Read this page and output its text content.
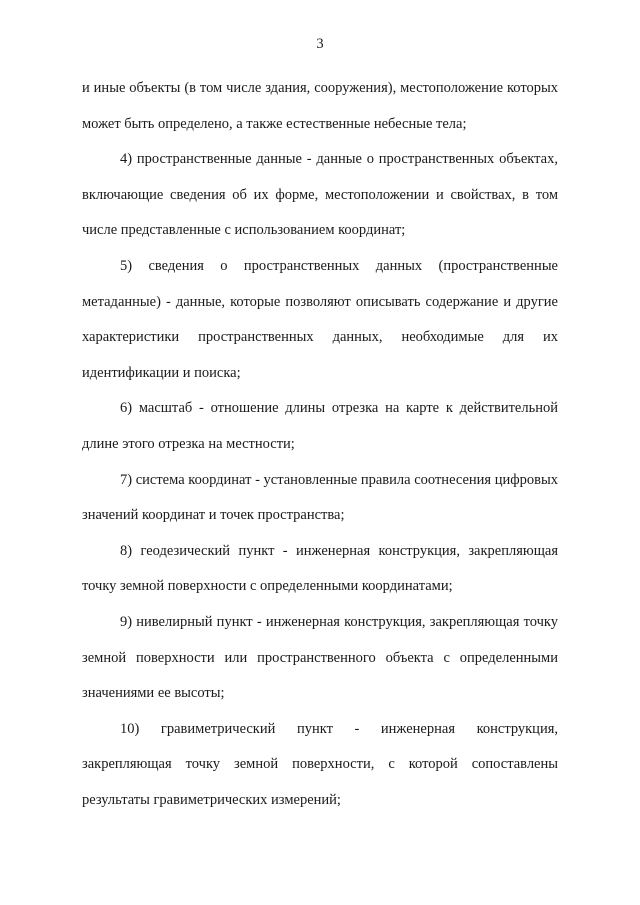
3

и иные объекты (в том числе здания, сооружения), местоположение которых может быть определено, а также естественные небесные тела;

4) пространственные данные - данные о пространственных объектах, включающие сведения об их форме, местоположении и свойствах, в том числе представленные с использованием координат;

5) сведения о пространственных данных (пространственные метаданные) - данные, которые позволяют описывать содержание и другие характеристики пространственных данных, необходимые для их идентификации и поиска;

6) масштаб - отношение длины отрезка на карте к действительной длине этого отрезка на местности;

7) система координат - установленные правила соотнесения цифровых значений координат и точек пространства;

8) геодезический пункт - инженерная конструкция, закрепляющая точку земной поверхности с определенными координатами;

9) нивелирный пункт - инженерная конструкция, закрепляющая точку земной поверхности или пространственного объекта с определенными значениями ее высоты;

10) гравиметрический пункт - инженерная конструкция, закрепляющая точку земной поверхности, с которой сопоставлены результаты гравиметрических измерений;
